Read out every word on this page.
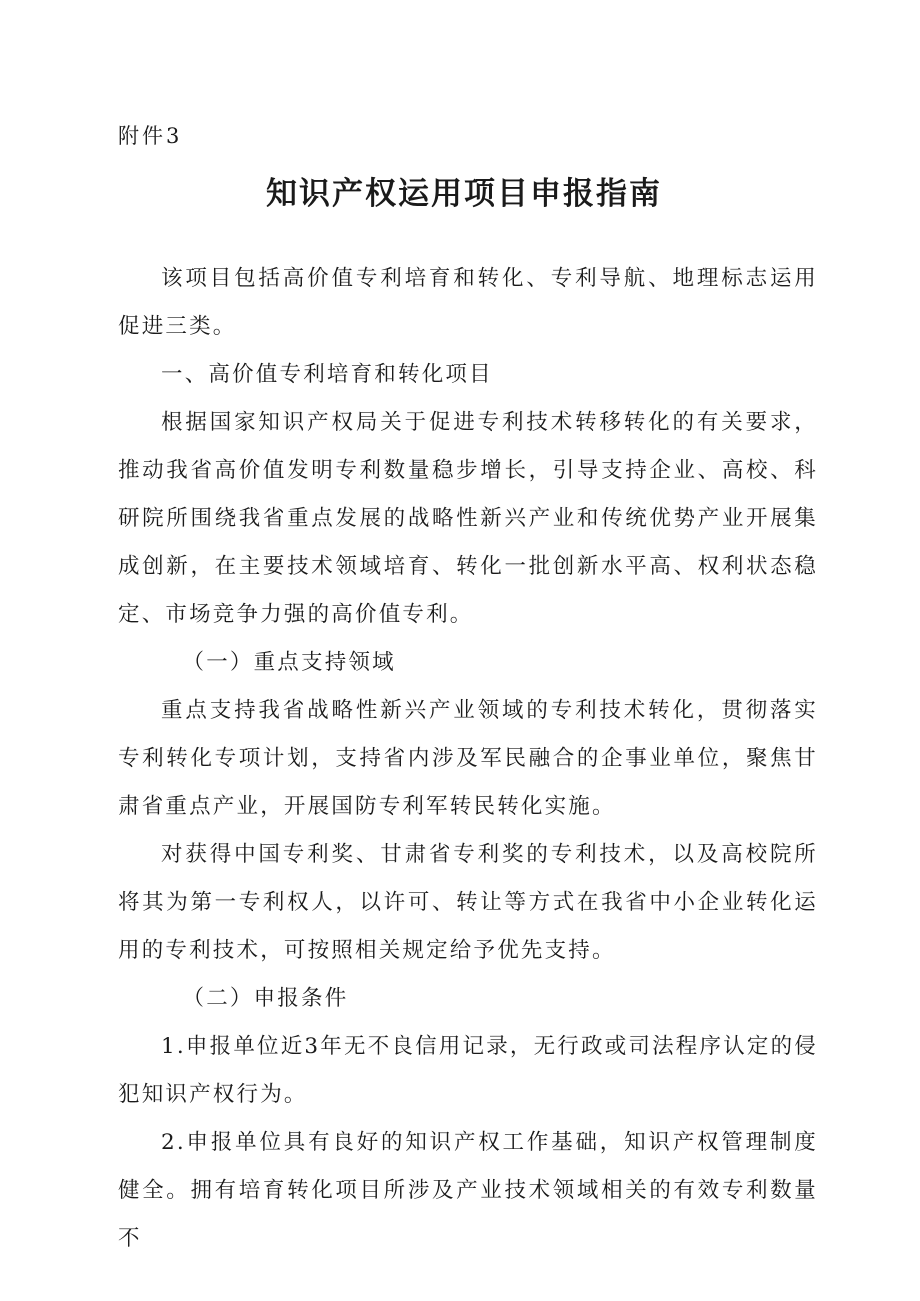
附件3
知识产权运用项目申报指南

该项目包括高价值专利培育和转化、专利导航、地理标志运用促进三类。

一、高价值专利培育和转化项目

根据国家知识产权局关于促进专利技术转移转化的有关要求，推动我省高价值发明专利数量稳步增长，引导支持企业、高校、科研院所围绕我省重点发展的战略性新兴产业和传统优势产业开展集成创新，在主要技术领域培育、转化一批创新水平高、权利状态稳定、市场竞争力强的高价值专利。

（一）重点支持领域

重点支持我省战略性新兴产业领域的专利技术转化，贯彻落实专利转化专项计划，支持省内涉及军民融合的企事业单位，聚焦甘肃省重点产业，开展国防专利军转民转化实施。

对获得中国专利奖、甘肃省专利奖的专利技术，以及高校院所将其为第一专利权人，以许可、转让等方式在我省中小企业转化运用的专利技术，可按照相关规定给予优先支持。

（二）申报条件

1.申报单位近3年无不良信用记录，无行政或司法程序认定的侵犯知识产权行为。

2.申报单位具有良好的知识产权工作基础，知识产权管理制度健全。拥有培育转化项目所涉及产业技术领域相关的有效专利数量不
